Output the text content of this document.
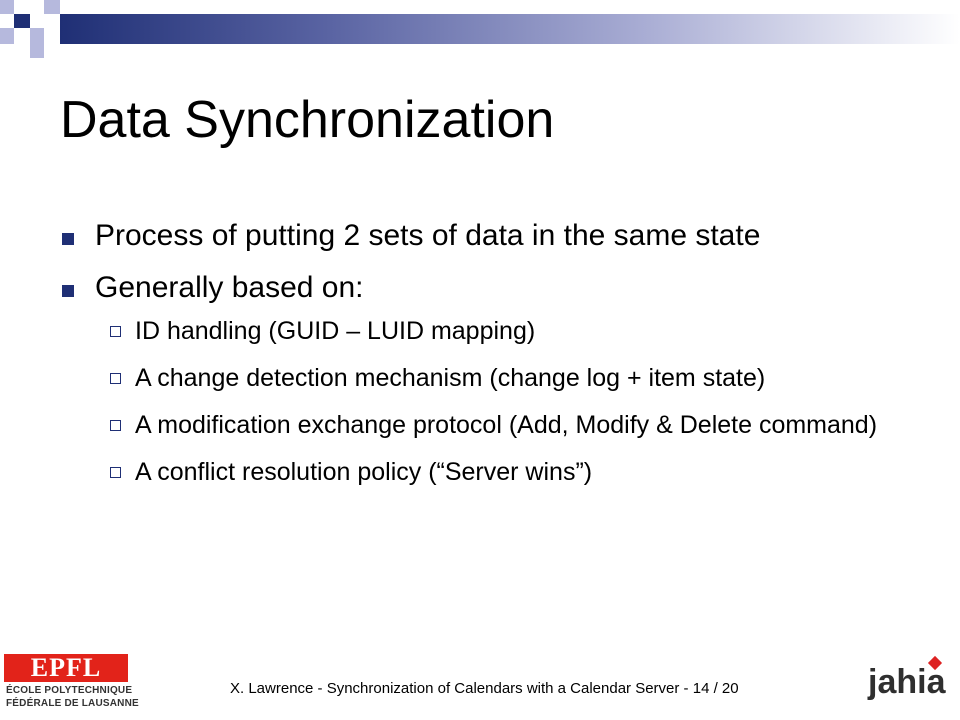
Data Synchronization
Process of putting 2 sets of data in the same state
Generally based on:
ID handling (GUID – LUID mapping)
A change detection mechanism (change log + item state)
A modification exchange protocol (Add, Modify & Delete command)
A conflict resolution policy (“Server wins”)
X. Lawrence - Synchronization of Calendars with a Calendar Server - 14 / 20
EPFL
ÉCOLE POLYTECHNIQUE
FÉDÉRALE DE LAUSANNE
jahia
